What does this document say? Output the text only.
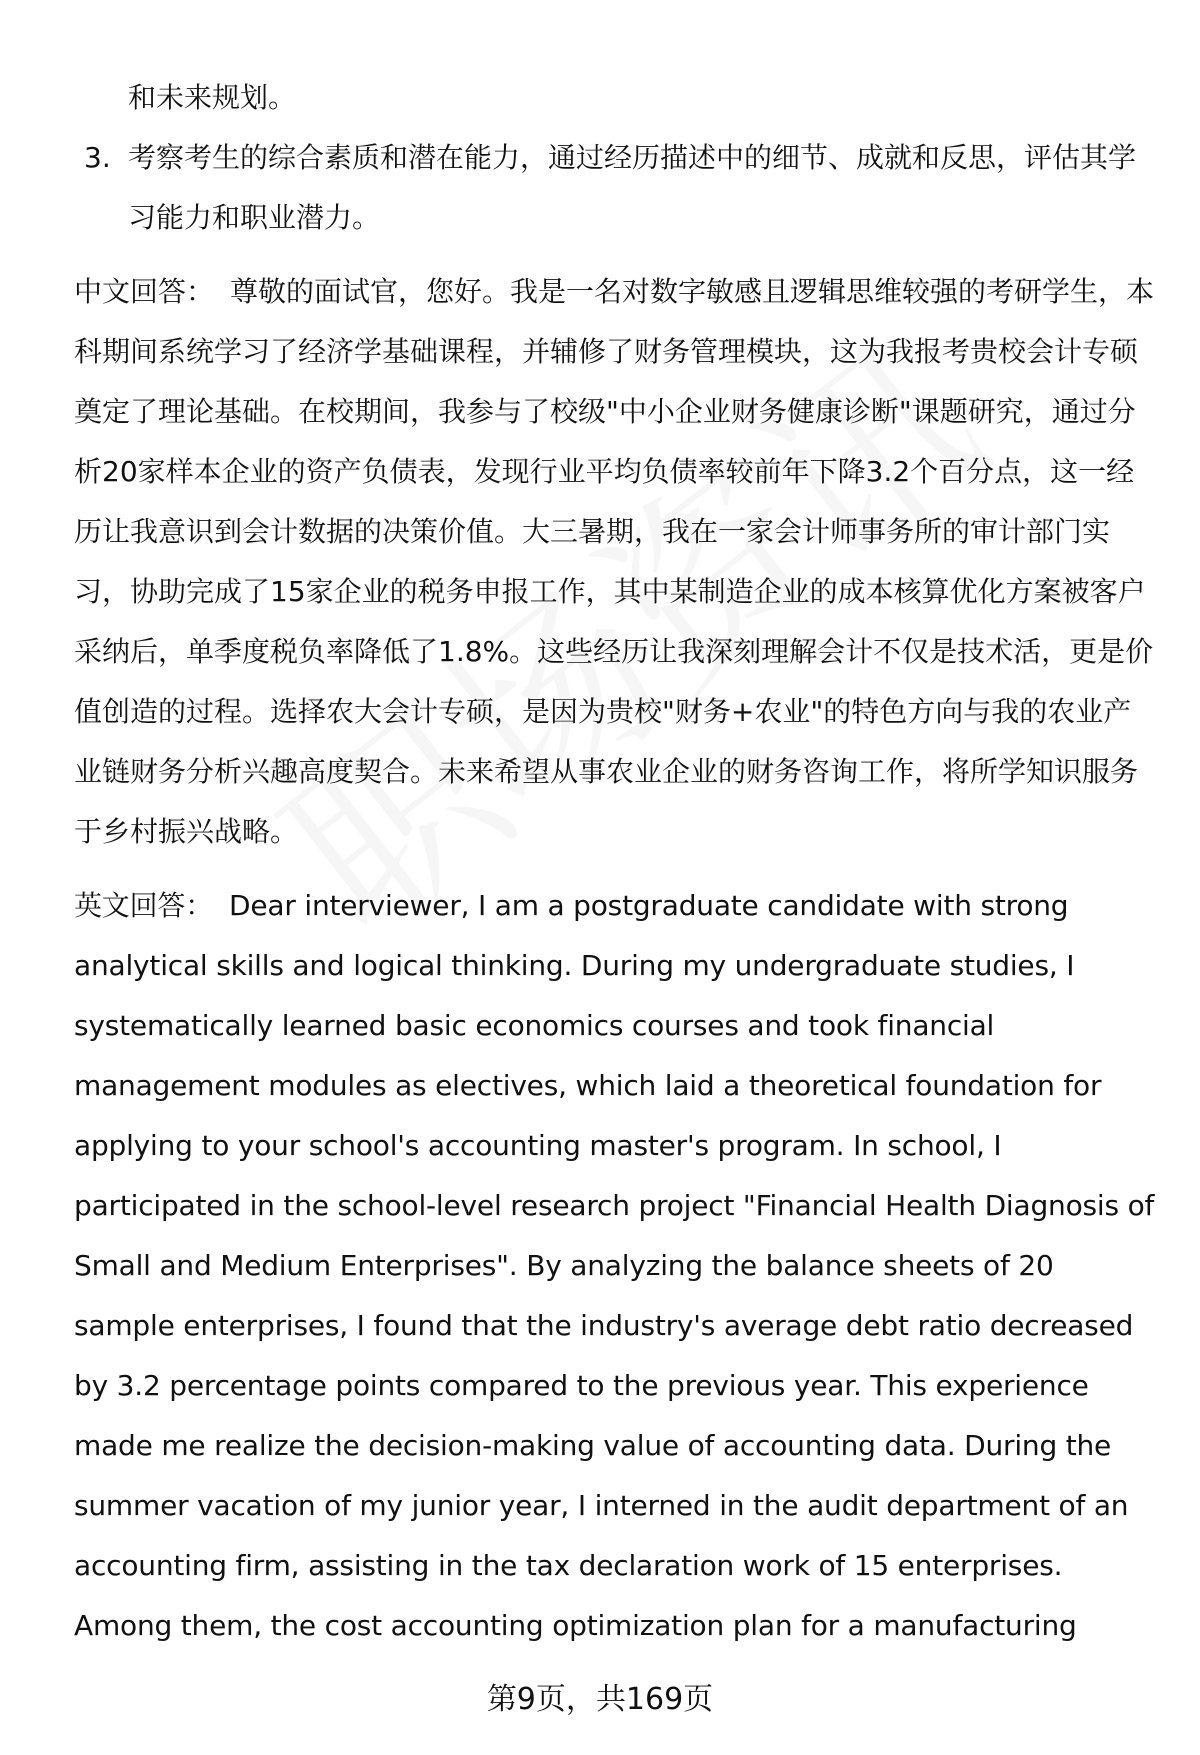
和未来规划。
3. 考察考生的综合素质和潜在能力，通过经历描述中的细节、成就和反思，评估其学习能力和职业潜力。
中文回答： 尊敬的面试官，您好。我是一名对数字敏感且逻辑思维较强的考研学生，本科期间系统学习了经济学基础课程，并辅修了财务管理模块，这为我报考贵校会计专硕奠定了理论基础。在校期间，我参与了校级"中小企业财务健康诊断"课题研究，通过分析20家样本企业的资产负债表，发现行业平均负债率较前年下降3.2个百分点，这一经历让我意识到会计数据的决策价值。大三暑期，我在一家会计师事务所的审计部门实习，协助完成了15家企业的税务申报工作，其中某制造企业的成本核算优化方案被客户采纳后，单季度税负率降低了1.8%。这些经历让我深刻理解会计不仅是技术活，更是价值创造的过程。选择农大会计专硕，是因为贵校"财务+农业"的特色方向与我的农业产业链财务分析兴趣高度契合。未来希望从事农业企业的财务咨询工作，将所学知识服务于乡村振兴战略。
英文回答： Dear interviewer, I am a postgraduate candidate with strong analytical skills and logical thinking. During my undergraduate studies, I systematically learned basic economics courses and took financial management modules as electives, which laid a theoretical foundation for applying to your school's accounting master's program. In school, I participated in the school-level research project "Financial Health Diagnosis of Small and Medium Enterprises". By analyzing the balance sheets of 20 sample enterprises, I found that the industry's average debt ratio decreased by 3.2 percentage points compared to the previous year. This experience made me realize the decision-making value of accounting data. During the summer vacation of my junior year, I interned in the audit department of an accounting firm, assisting in the tax declaration work of 15 enterprises. Among them, the cost accounting optimization plan for a manufacturing
第9页，共169页
